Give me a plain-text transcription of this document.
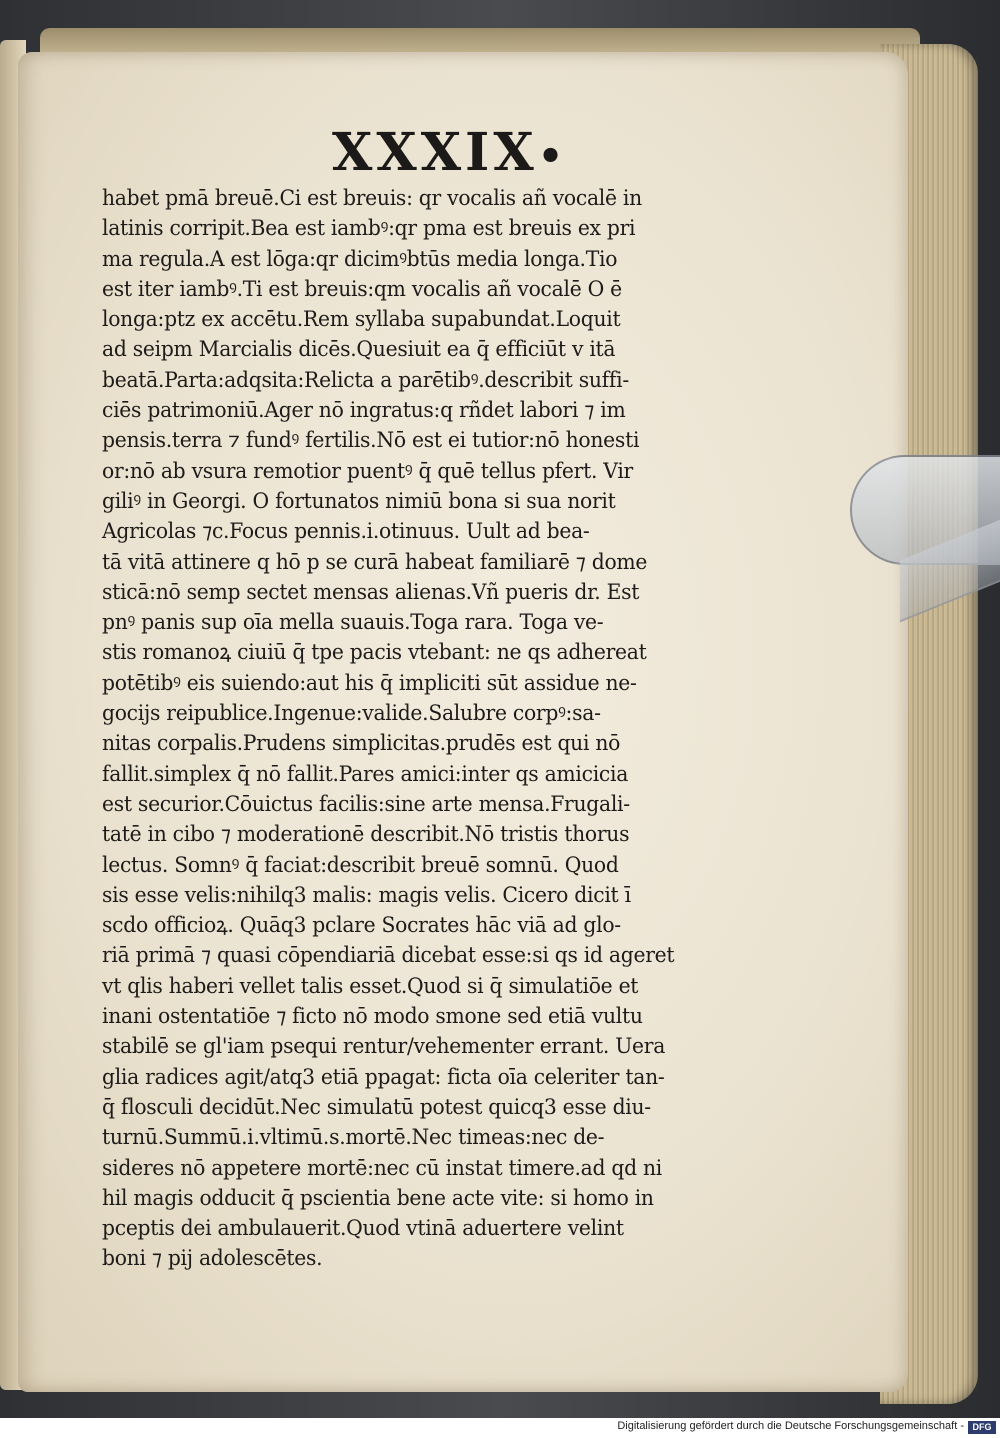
XXXIX•
habet pmā breuē.Ci est breuis: qr vocalis añ vocalē in
latinis corripit.Bea est iambꝰ:qr pma est breuis ex pri
ma regula.A est lōga:qr dicimꝰbtūs media longa.Tio
est iter iambꝰ.Ti est breuis:qm vocalis añ vocalē O ē
longa:ptz ex accētu.Rem syllaba supabundat.Loquit
ad seipm Marcialis dicēs.Quesiuit ea q̄ efficiūt v itā
beatā.Parta:adqsita:Relicta a parētibꝰ.describit suffi-
ciēs patrimoniū.Ager nō ingratus:q rñdet labori ⁊ im
pensis.terra ⁊ fundꝰ fertilis.Nō est ei tutior:nō honesti
or:nō ab vsura remotior puentꝰ q̄ quē tellus pfert. Vir
giliꝰ in Georgi. O fortunatos nimiū bona si sua norit
Agricolas ⁊c.Focus pennis.i.otinuus. Uult ad bea-
tā vitā attinere q hō p se curā habeat familiarē ⁊ dome
sticā:nō semp sectet mensas alienas.Vñ pueris dr. Est
pnꝰ panis sup oīa mella suauis.Toga rara. Toga ve-
stis romanoꝝ ciuiū q̄ tpe pacis vtebant: ne qs adhereat
potētibꝰ eis suiendo:aut his q̄ impliciti sūt assidue ne-
gocijs reipublice.Ingenue:valide.Salubre corpꝰ:sa-
nitas corpalis.Prudens simplicitas.prudēs est qui nō
fallit.simplex q̄ nō fallit.Pares amici:inter qs amicicia
est securior.Cōuictus facilis:sine arte mensa.Frugali-
tatē in cibo ⁊ moderationē describit.Nō tristis thorus
lectus. Somnꝰ q̄ faciat:describit breuē somnū. Quod
sis esse velis:nihilq3 malis: magis velis. Cicero dicit ī
scdo officioꝝ. Quāq3 pclare Socrates hāc viā ad glo-
riā primā ⁊ quasi cōpendiariā dicebat esse:si qs id ageret
vt qlis haberi vellet talis esset.Quod si q̄ simulatiōe et
inani ostentatiōe ⁊ ficto nō modo smone sed etiā vultu
stabilē se gl'iam psequi rentur/vehementer errant. Uera
glia radices agit/atq3 etiā ppagat: ficta oīa celeriter tan-
q̄ flosculi decidūt.Nec simulatū potest quicq3 esse diu-
turnū.Summū.i.vltimū.s.mortē.Nec timeas:nec de-
sideres nō appetere mortē:nec cū instat timere.ad qd ni
hil magis odducit q̄ pscientia bene acte vite: si homo in
pceptis dei ambulauerit.Quod vtinā aduertere velint
boni ⁊ pij adolescētes.
Digitalisierung gefördert durch die Deutsche Forschungsgemeinschaft - DFG
